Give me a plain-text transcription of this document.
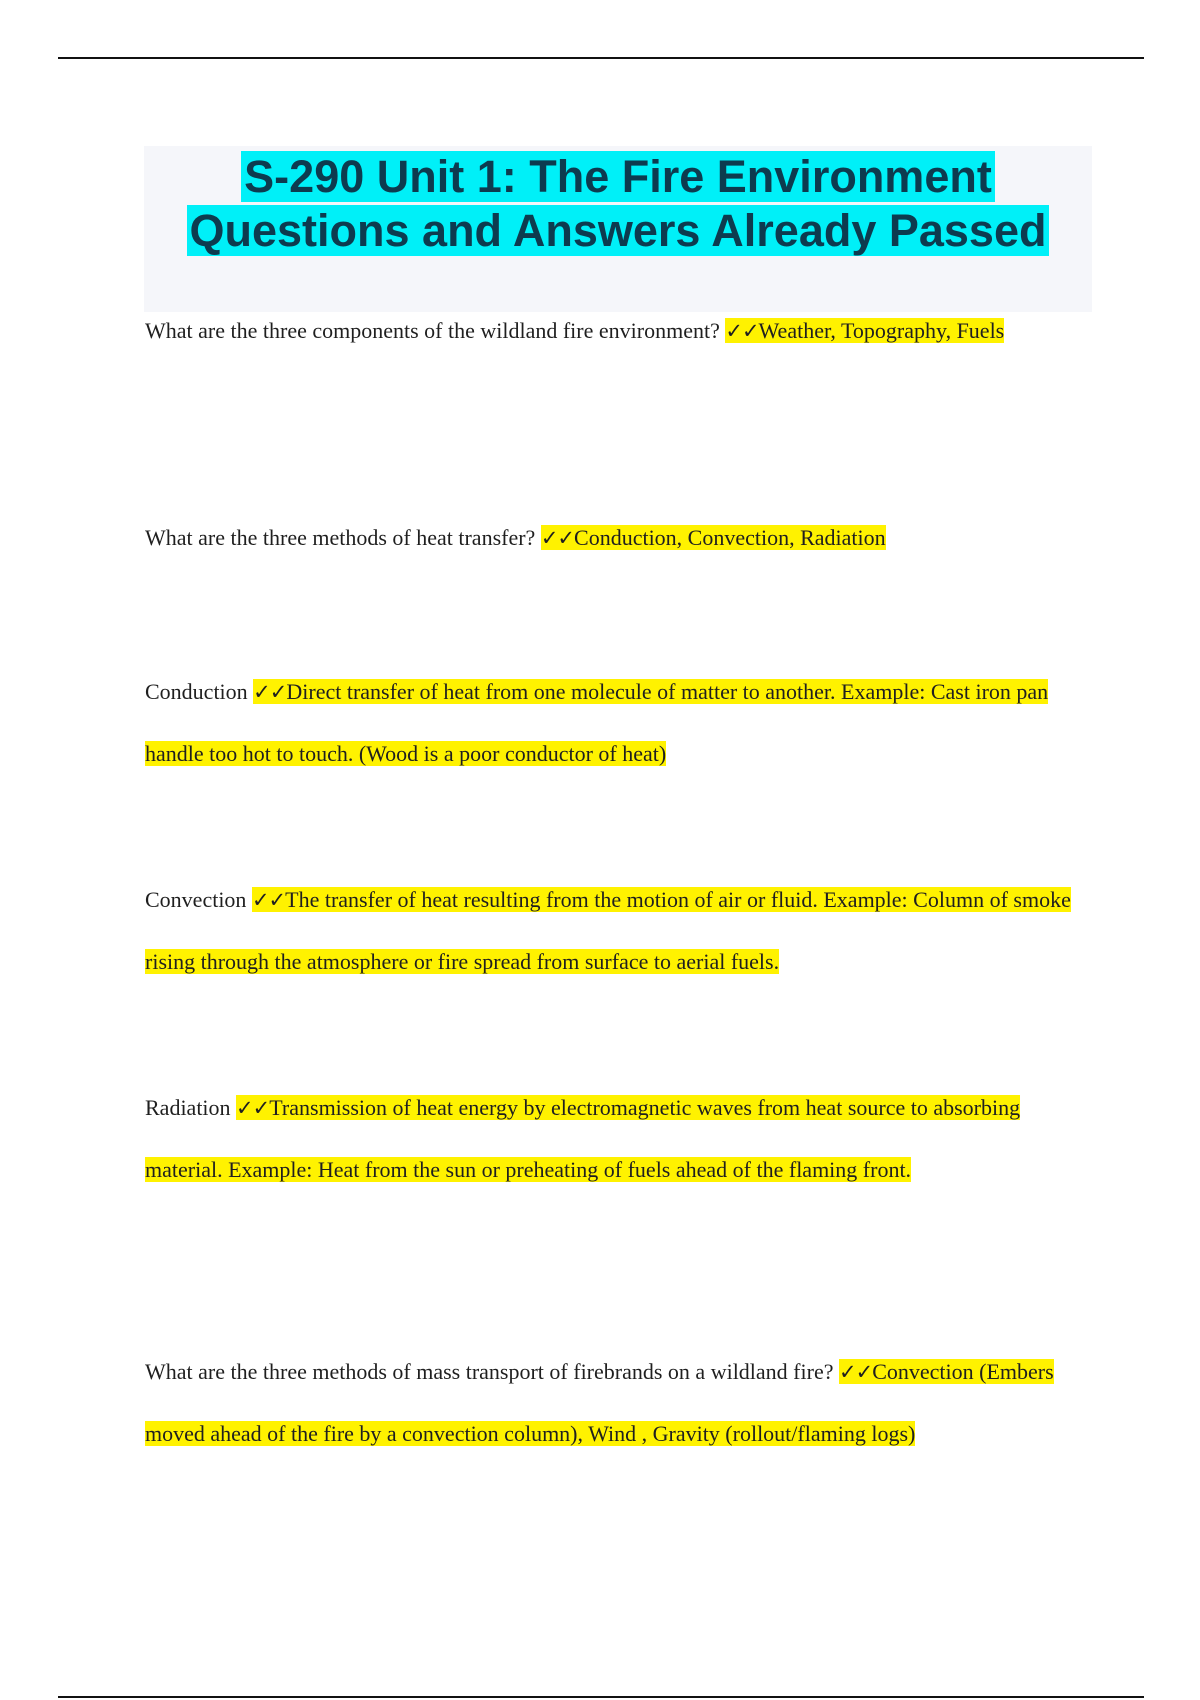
S-290 Unit 1: The Fire Environment
Questions and Answers Already Passed
What are the three components of the wildland fire environment? ✓✓Weather, Topography, Fuels
What are the three methods of heat transfer? ✓✓Conduction, Convection, Radiation
Conduction ✓✓Direct transfer of heat from one molecule of matter to another. Example: Cast iron pan handle too hot to touch. (Wood is a poor conductor of heat)
Convection ✓✓The transfer of heat resulting from the motion of air or fluid. Example: Column of smoke rising through the atmosphere or fire spread from surface to aerial fuels.
Radiation ✓✓Transmission of heat energy by electromagnetic waves from heat source to absorbing material. Example: Heat from the sun or preheating of fuels ahead of the flaming front.
What are the three methods of mass transport of firebrands on a wildland fire? ✓✓Convection (Embers moved ahead of the fire by a convection column), Wind , Gravity (rollout/flaming logs)
